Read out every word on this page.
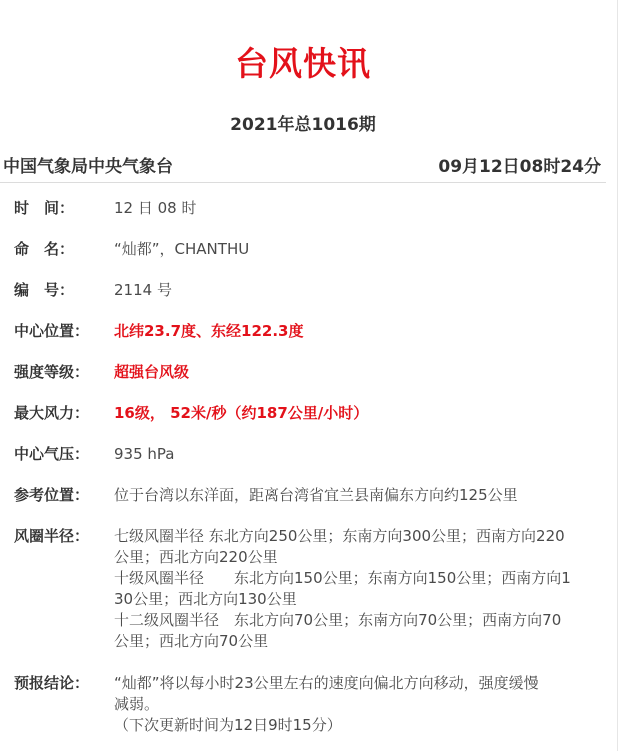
台风快讯
2021年总1016期
中国气象局中央气象台	09月12日08时24分
时　间：	12 日 08 时
命　名：	“灿都”，CHANTHU
编　号：	2114 号
中心位置：	北纬23.7度、东经122.3度
强度等级：	超强台风级
最大风力：	16级， 52米/秒（约187公里/小时）
中心气压：	935 hPa
参考位置：	位于台湾以东洋面，距离台湾省宜兰县南偏东方向约125公里
风圈半径：	七级风圈半径 东北方向250公里；东南方向300公里；西南方向220
公里；西北方向220公里
十级风圈半径　　东北方向150公里；东南方向150公里；西南方向1
30公里；西北方向130公里
十二级风圈半径　东北方向70公里；东南方向70公里；西南方向70
公里；西北方向70公里
预报结论：	“灿都”将以每小时23公里左右的速度向偏北方向移动，强度缓慢
减弱。
（下次更新时间为12日9时15分）
